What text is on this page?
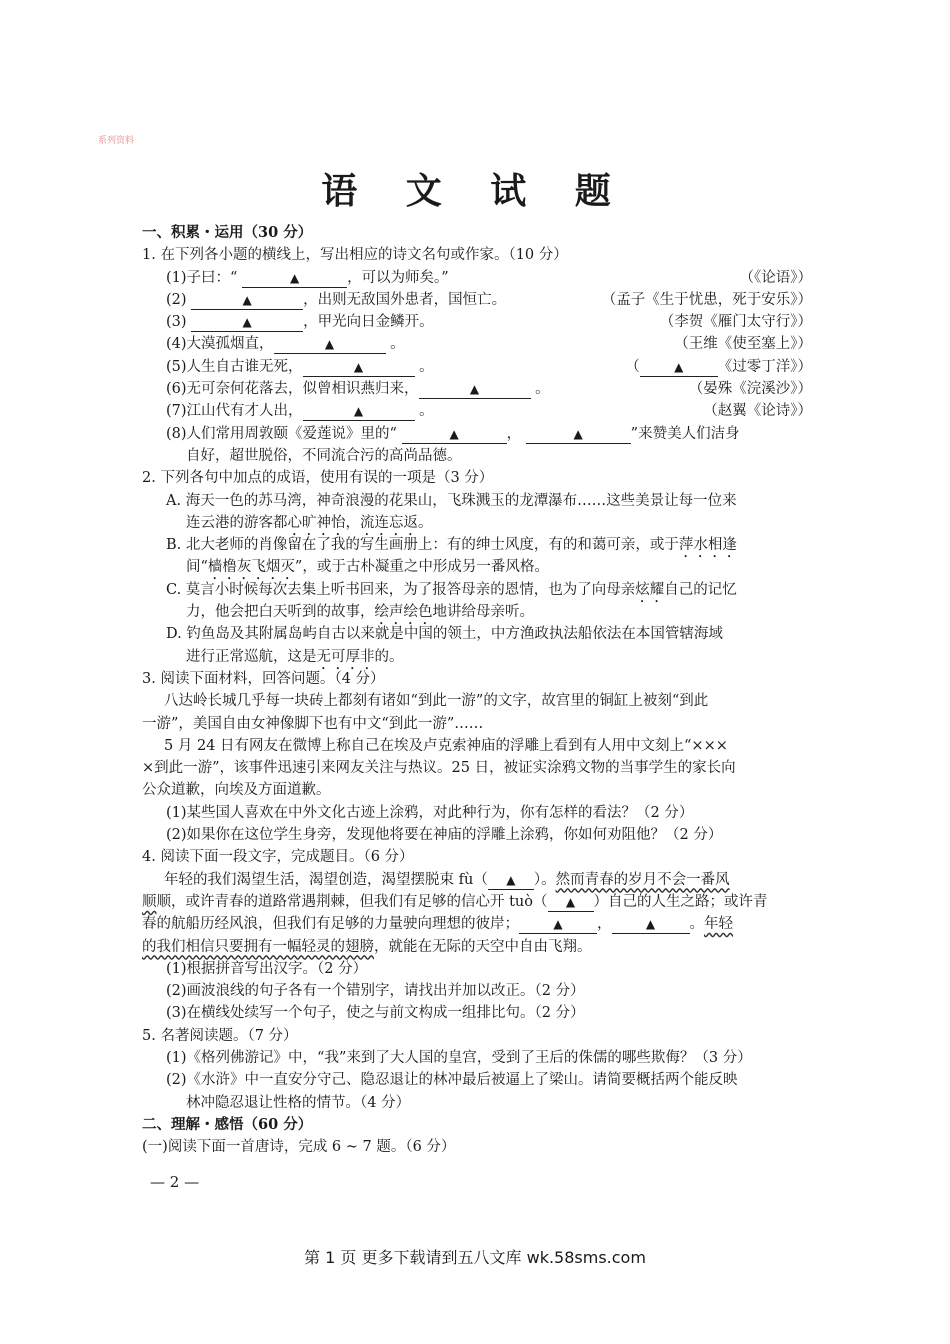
系列资料
语 文 试 题
一、积累・运用（30 分）
1. 在下列各小题的横线上，写出相应的诗文名句或作家。（10 分）
(1)子曰：“	▲	，可以为师矣。”	（《论语》）
(2)	▲	，出则无敌国外患者，国恒亡。	（孟子《生于忧患，死于安乐》）
(3)	▲	，甲光向日金鳞开。	（李贺《雁门太守行》）
(4)大漠孤烟直，	▲	。	（王维《使至塞上》）
(5)人生自古谁无死，	▲	。	（	▲ 《过零丁洋》）
(6)无可奈何花落去，似曾相识燕归来，	▲	。	（晏殊《浣溪沙》）
(7)江山代有才人出，	▲	。	（赵翼《论诗》）
(8)人们常用周敦颐《爱莲说》里的“	▲	，	▲	”来赞美人们洁身
自好，超世脱俗，不同流合污的高尚品德。
2. 下列各句中加点的成语，使用有误的一项是（3 分）
A. 海天一色的苏马湾，神奇浪漫的花果山，飞珠溅玉的龙潭瀑布……这些美景让每一位来
连云港的游客都心旷神怡，流连忘返。
B. 北大老师的肖像留在了我的写生画册上：有的绅士风度，有的和蔼可亲，或于萍水相逢
间“樯橹灰飞烟灭”，或于古朴凝重之中形成另一番风格。
C. 莫言小时候每次去集上听书回来，为了报答母亲的恩情，也为了向母亲炫耀自己的记忆
力，他会把白天听到的故事，绘声绘色地讲给母亲听。
D. 钓鱼岛及其附属岛屿自古以来就是中国的领土，中方渔政执法船依法在本国管辖海域
进行正常巡航，这是无可厚非的。
3. 阅读下面材料，回答问题。（4 分）
八达岭长城几乎每一块砖上都刻有诸如“到此一游”的文字，故宫里的铜缸上被刻“到此
一游”，美国自由女神像脚下也有中文“到此一游”……
5 月 24 日有网友在微博上称自己在埃及卢克索神庙的浮雕上看到有人用中文刻上“×××
×到此一游”，该事件迅速引来网友关注与热议。25 日，被证实涂鸦文物的当事学生的家长向
公众道歉，向埃及方面道歉。
(1)某些国人喜欢在中外文化古迹上涂鸦，对此种行为，你有怎样的看法？（2 分）
(2)如果你在这位学生身旁，发现他将要在神庙的浮雕上涂鸦，你如何劝阻他？（2 分）
4. 阅读下面一段文字，完成题目。（6 分）
年轻的我们渴望生活，渴望创造，渴望摆脱束 fù（ ▲ ）。然而青春的岁月不会一番风
顺顺，或许青春的道路常遇荆棘，但我们有足够的信心开 tuò（ ▲ ）自己的人生之路；或许青
春的航船历经风浪，但我们有足够的力量驶向理想的彼岸；	▲ ，	▲ 。年轻
的我们相信只要拥有一幅轻灵的翅膀，就能在无际的天空中自由飞翔。
(1)根据拼音写出汉字。（2 分）
(2)画波浪线的句子各有一个错别字，请找出并加以改正。（2 分）
(3)在横线处续写一个句子，使之与前文构成一组排比句。（2 分）
5. 名著阅读题。（7 分）
(1)《格列佛游记》中，“我”来到了大人国的皇宫，受到了王后的侏儒的哪些欺侮？（3 分）
(2)《水浒》中一直安分守己、隐忍退让的林冲最后被逼上了梁山。请简要概括两个能反映
林冲隐忍退让性格的情节。（4 分）
二、理解・感悟（60 分）
(一)阅读下面一首唐诗，完成 6 ~ 7 题。（6 分）
— 2 —
第 1 页 更多下载请到五八文库 wk.58sms.com
